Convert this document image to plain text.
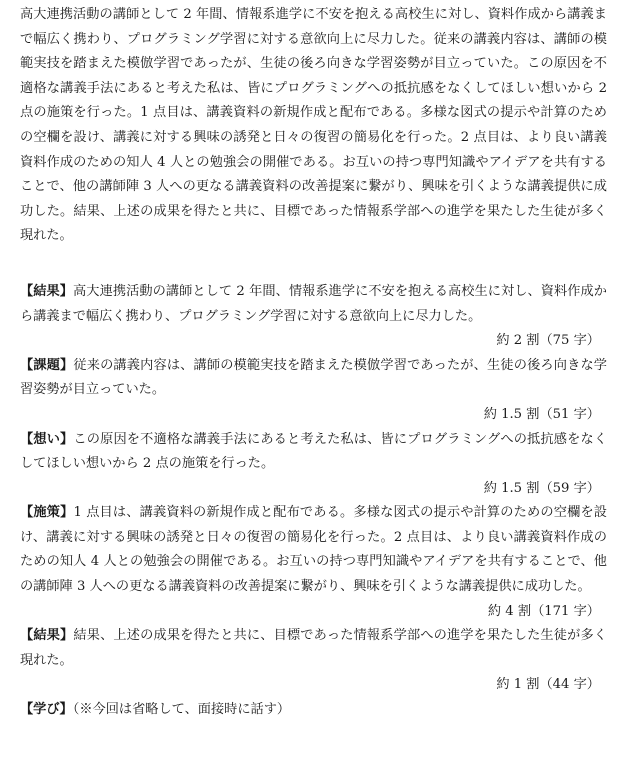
高大連携活動の講師として 2 年間、情報系進学に不安を抱える高校生に対し、資料作成から講義まで幅広く携わり、プログラミング学習に対する意欲向上に尽力した。従来の講義内容は、講師の模範実技を踏まえた模倣学習であったが、生徒の後ろ向きな学習姿勢が目立っていた。この原因を不適格な講義手法にあると考えた私は、皆にプログラミングへの抵抗感をなくしてほしい想いから 2 点の施策を行った。1 点目は、講義資料の新規作成と配布である。多様な図式の提示や計算のための空欄を設け、講義に対する興味の誘発と日々の復習の簡易化を行った。2 点目は、より良い講義資料作成のための知人 4 人との勉強会の開催である。お互いの持つ専門知識やアイデアを共有することで、他の講師陣 3 人への更なる講義資料の改善提案に繋がり、興味を引くような講義提供に成功した。結果、上述の成果を得たと共に、目標であった情報系学部への進学を果たした生徒が多く現れた。

【結果】高大連携活動の講師として 2 年間、情報系進学に不安を抱える高校生に対し、資料作成から講義まで幅広く携わり、プログラミング学習に対する意欲向上に尽力した。

約 2 割（75 字）

【課題】従来の講義内容は、講師の模範実技を踏まえた模倣学習であったが、生徒の後ろ向きな学習姿勢が目立っていた。

約 1.5 割（51 字）

【想い】この原因を不適格な講義手法にあると考えた私は、皆にプログラミングへの抵抗感をなくしてほしい想いから 2 点の施策を行った。

約 1.5 割（59 字）

【施策】1 点目は、講義資料の新規作成と配布である。多様な図式の提示や計算のための空欄を設け、講義に対する興味の誘発と日々の復習の簡易化を行った。2 点目は、より良い講義資料作成のための知人 4 人との勉強会の開催である。お互いの持つ専門知識やアイデアを共有することで、他の講師陣 3 人への更なる講義資料の改善提案に繋がり、興味を引くような講義提供に成功した。

約 4 割（171 字）

【結果】結果、上述の成果を得たと共に、目標であった情報系学部への進学を果たした生徒が多く現れた。

約 1 割（44 字）

【学び】（※今回は省略して、面接時に話す）
